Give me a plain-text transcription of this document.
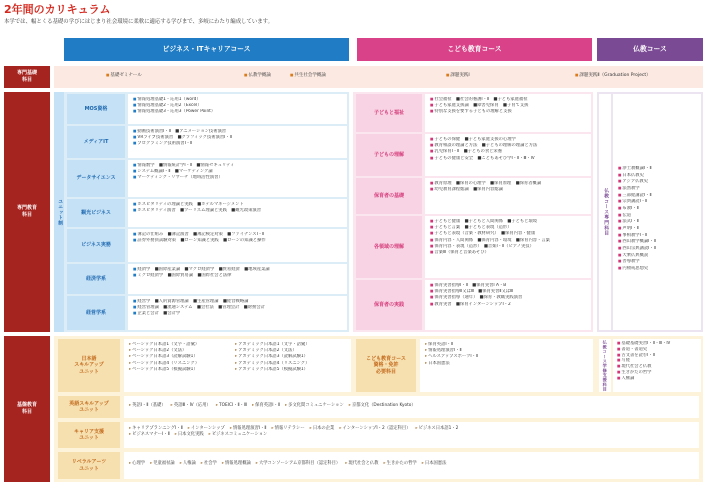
2年間のカリキュラム
本学では、幅とくる基礎の学びにはじまり社会環境に柔軟に適応する学びまで、多岐にわたり編成しています。
ビジネス・ITキャリアコース	こども教育コース	仏教コース
専門基礎
科目
■ 基礎ゼミナール	■ 仏教学概論	■ 共生社会学概論	■ 課題実践Ⅰ	■ 課題実践Ⅱ（Graduation Project）
専門教育
科目	ユニット制
MOS資格
■ 情報処理基礎1・応用1（word）
■ 情報処理基礎2・応用2（Excel）
■ 情報処理基礎3・応用3（Power Point）
メディアIT
■ 動画技術演習Ⅰ・Ⅱ　■アニメーション技術演習
■ VRライブ技術演習　■グラフィック技術演習Ⅰ・Ⅱ
■ プログラミング技術演習Ⅰ・Ⅱ
データサイエンス
■ 情報数学　■情報統計学Ⅰ・Ⅱ　■情報セキュリティ
■ システム概論Ⅰ・Ⅱ　■マーケティング論
■ マーケティング・リサーチ（地域活性演習）
観光ビジネス
■ ホスピタリティの理論と実践　■ホテルマネージメント
■ ホスピタリティ演習　■ツーリズム理論と実践　■観光政策演習
ビジネス実務
■ 簿記の仕組み　■簿記演習　■簿記検定対策　■ファイナンスⅠ・Ⅱ
■ 証券外務員試験対策　■ローン知識と実践　■ローンの知識と操作
経済学系
■ 経済学　■国際産業論　■マクロ経済学　■貿易経済　■地域産業論
■ ミクロ経済学　■国際貿易論　■国際社会と法律
経営学系
■ 経営学　■人的資源管理論　■生産管理論　■経営戦略論
■ 経営管理論　■流通システム　■会社法　■管理会計　■財務会計
■ 企業と会計　■会計学
子どもと福祉
■ 社会福祉　■社会的養護Ⅰ・Ⅱ　■子ども家庭福祉
■ 子ども家庭支援論　■障害児保育　■子育て支援
■ 特別な支援を要する子どもの理解と支援
子どもの理解
■ 子どもの保健　■子ども家庭支援の心理学
■ 教育相談の理論と方法　■子どもの理解の理論と方法
■ 乳児保育Ⅰ・Ⅱ　■子どもの食と栄養
■ 子どもの健康と安全　■こどもあそび学Ⅰ・Ⅱ・Ⅲ・Ⅳ
保育者の基礎
■ 教育原理　■保育の心理学　■保育原理　■保育者概論
■ 幼児教育課程総論　■保育内容総論
各領域の理解
■ 子どもと健康　■子どもと人間関係　■子どもと環境
■ 子どもと言葉　■子どもと表現（造形）
■ 子どもと表現（音楽・教材研究）　■保育内容・健康
■ 保育内容・人間関係　■保育内容・環境　■保育内容・言葉
■ 保育内容・表現（造形）　■音楽Ⅰ・Ⅱ（ピアノ実技）
■ 音楽Ⅲ（保育と音楽あそび）
保育者の実践
■ 保育実習指導Ⅰ・Ⅱ　■保育実習Ⅰ A・B
■ 保育実習指導Ⅱ又はⅢ　■保育実習Ⅱ又はⅢ
■ 保育実習指導（通年）　■保育・教職実践演習
■ 教育実習　■保育インターンシップⅠ・2
仏教コース専門科目
■ 浄土教概論Ⅰ・Ⅱ
■ 日本仏教史
■ アジア仏教史
■ 法然教学
■ 三部経講読Ⅰ・Ⅱ
■ 宗典講読Ⅰ・Ⅱ
■ 布教Ⅰ・Ⅱ
■ 伝道
■ 法式Ⅰ・Ⅱ
■ 声明Ⅰ・Ⅱ
■ 事相教学Ⅰ・Ⅱ
■ 西山教学概論Ⅰ・Ⅱ
■ 西山宗典講読Ⅰ・Ⅱ
■ 大乗仏典概説
■ 善導教学
■ 円頓戒思想史
基盤教育
科目
日本語
スキルアップ
ユニット
▸ ベーシック日本語1（文字・語彙）
▸ ベーシック日本語2（文法）
▸ ベーシック日本語3（読解試験1）
▸ ベーシック日本語4（リスニング）
▸ ベーシック日本語5（模擬試験1）
▸ アカデミック日本語1（文字・語彙）
▸ アカデミック日本語2（文法）
▸ アカデミック日本語3（読解試験1）
▸ アカデミック日本語4（リスニング）
▸ アカデミック日本語5（模擬試験1）
英語スキルアップ
ユニット
▸ 英語Ⅰ・Ⅱ（基礎） ▸ 英語Ⅲ・Ⅳ（応用） ▸ TOEICⅠ・Ⅱ・Ⅲ ▸ 保育英語Ⅰ・Ⅱ ▸ 多文化間コミュニケーション ▸ 京都文化（Destination Kyoto）
キャリア支援
ユニット
▸ キャリアプランニングⅠ・Ⅱ ▸ インターンシップ ▸ 情報処理演習Ⅰ・Ⅱ ▸ 情報リテラシー ▸ 日本の企業 ▸ インターンシップⅠ・2（認定科目） ▸ ビジネス日本語1・2
▸ ビジネスマナーⅠ・Ⅱ ▸ 日本文化実践 ▸ ビジネスコミュニケーション
リベラルアーツ
ユニット
▸ 心理学 ▸ 児童福祉論 ▸ 人権論 ▸ 社会学 ▸ 情報処理概論 ▸ 大学コンソーシアム京都科目（認定科目） ▸ 現代社会と仏教 ▸ 生きかたの哲学 ▸ 日本国憲法
こども教育コース
資格・免許
必要科目
▸ 保育英語Ⅰ・Ⅱ
▸ 情報処理演習Ⅰ・Ⅱ
▸ ヘルスアップスポーツⅠ・Ⅱ
▸ 日本国憲法	仏教コース学修支援科目	■ 基礎基礎実習Ⅰ・Ⅱ・Ⅲ・Ⅳ
■ 書道・書道史
■ 古文書を読むⅠ・Ⅱ
■ 写経
■ 現代社会と仏教
■ 生きかたの哲学
■ 人権論
